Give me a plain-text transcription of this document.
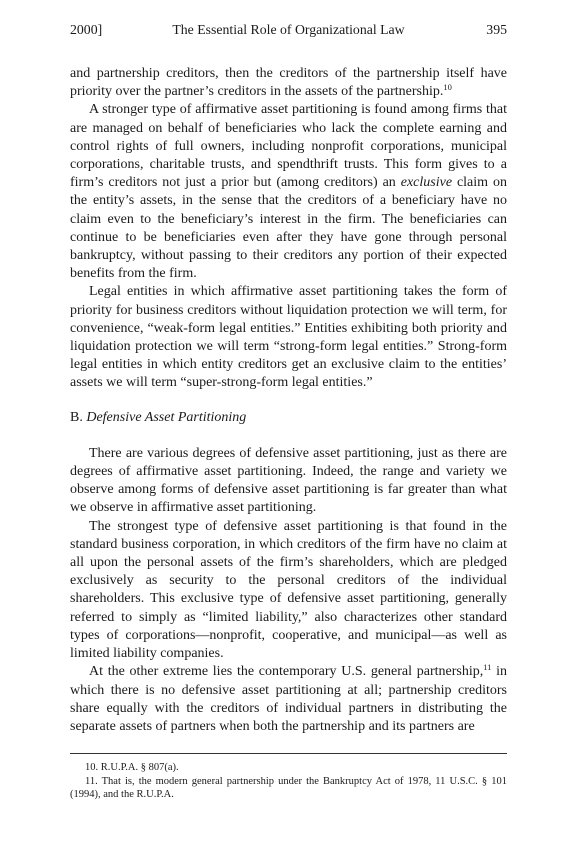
2000]	The Essential Role of Organizational Law	395

and partnership creditors, then the creditors of the partnership itself have priority over the partner’s creditors in the assets of the partnership.$^{10}$

A stronger type of affirmative asset partitioning is found among firms that are managed on behalf of beneficiaries who lack the complete earning and control rights of full owners, including nonprofit corporations, municipal corporations, charitable trusts, and spendthrift trusts. This form gives to a firm’s creditors not just a prior but (among creditors) an exclusive claim on the entity’s assets, in the sense that the creditors of a beneficiary have no claim even to the beneficiary’s interest in the firm. The beneficiaries can continue to be beneficiaries even after they have gone through personal bankruptcy, without passing to their creditors any portion of their expected benefits from the firm.

Legal entities in which affirmative asset partitioning takes the form of priority for business creditors without liquidation protection we will term, for convenience, “weak-form legal entities.” Entities exhibiting both priority and liquidation protection we will term “strong-form legal entities.” Strong-form legal entities in which entity creditors get an exclusive claim to the entities’ assets we will term “super-strong-form legal entities.”

B. Defensive Asset Partitioning

There are various degrees of defensive asset partitioning, just as there are degrees of affirmative asset partitioning. Indeed, the range and variety we observe among forms of defensive asset partitioning is far greater than what we observe in affirmative asset partitioning.

The strongest type of defensive asset partitioning is that found in the standard business corporation, in which creditors of the firm have no claim at all upon the personal assets of the firm’s shareholders, which are pledged exclusively as security to the personal creditors of the individual shareholders. This exclusive type of defensive asset partitioning, generally referred to simply as “limited liability,” also characterizes other standard types of corporations—nonprofit, cooperative, and municipal—as well as limited liability companies.

At the other extreme lies the contemporary U.S. general partnership,$^{11}$ in which there is no defensive asset partitioning at all; partnership creditors share equally with the creditors of individual partners in distributing the separate assets of partners when both the partnership and its partners are

10. R.U.P.A. § 807(a).

11. That is, the modern general partnership under the Bankruptcy Act of 1978, 11 U.S.C. § 101 (1994), and the R.U.P.A.
